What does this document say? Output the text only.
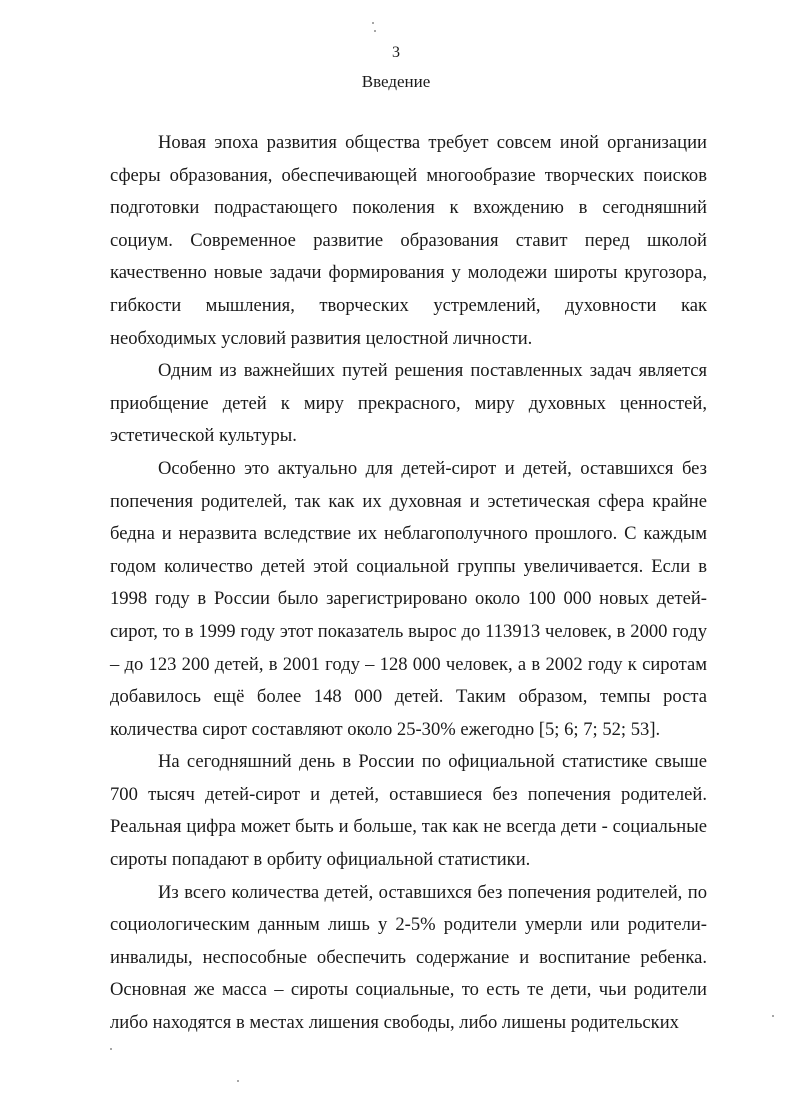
3
Введение

Новая эпоха развития общества требует совсем иной организации сферы образования, обеспечивающей многообразие творческих поисков подготовки подрастающего поколения к вхождению в сегодняшний социум. Современное развитие образования ставит перед школой качественно новые задачи формирования у молодежи широты кругозора, гибкости мышления, творческих устремлений, духовности как необходимых условий развития целостной личности.

Одним из важнейших путей решения поставленных задач является приобщение детей к миру прекрасного, миру духовных ценностей, эстетической культуры.

Особенно это актуально для детей-сирот и детей, оставшихся без попечения родителей, так как их духовная и эстетическая сфера крайне бедна и неразвита вследствие их неблагополучного прошлого. С каждым годом количество детей этой социальной группы увеличивается. Если в 1998 году в России было зарегистрировано около 100 000 новых детей-сирот, то в 1999 году этот показатель вырос до 113913 человек, в 2000 году – до 123 200 детей, в 2001 году – 128 000 человек, а в 2002 году к сиротам добавилось ещё более 148 000 детей. Таким образом, темпы роста количества сирот составляют около 25-30% ежегодно [5; 6; 7; 52; 53].

На сегодняшний день в России по официальной статистике свыше 700 тысяч детей-сирот и детей, оставшиеся без попечения родителей. Реальная цифра может быть и больше, так как не всегда дети - социальные сироты попадают в орбиту официальной статистики.

Из всего количества детей, оставшихся без попечения родителей, по социологическим данным лишь у 2-5% родители умерли или родители-инвалиды, неспособные обеспечить содержание и воспитание ребенка. Основная же масса – сироты социальные, то есть те дети, чьи родители либо находятся в местах лишения свободы, либо лишены родительских
